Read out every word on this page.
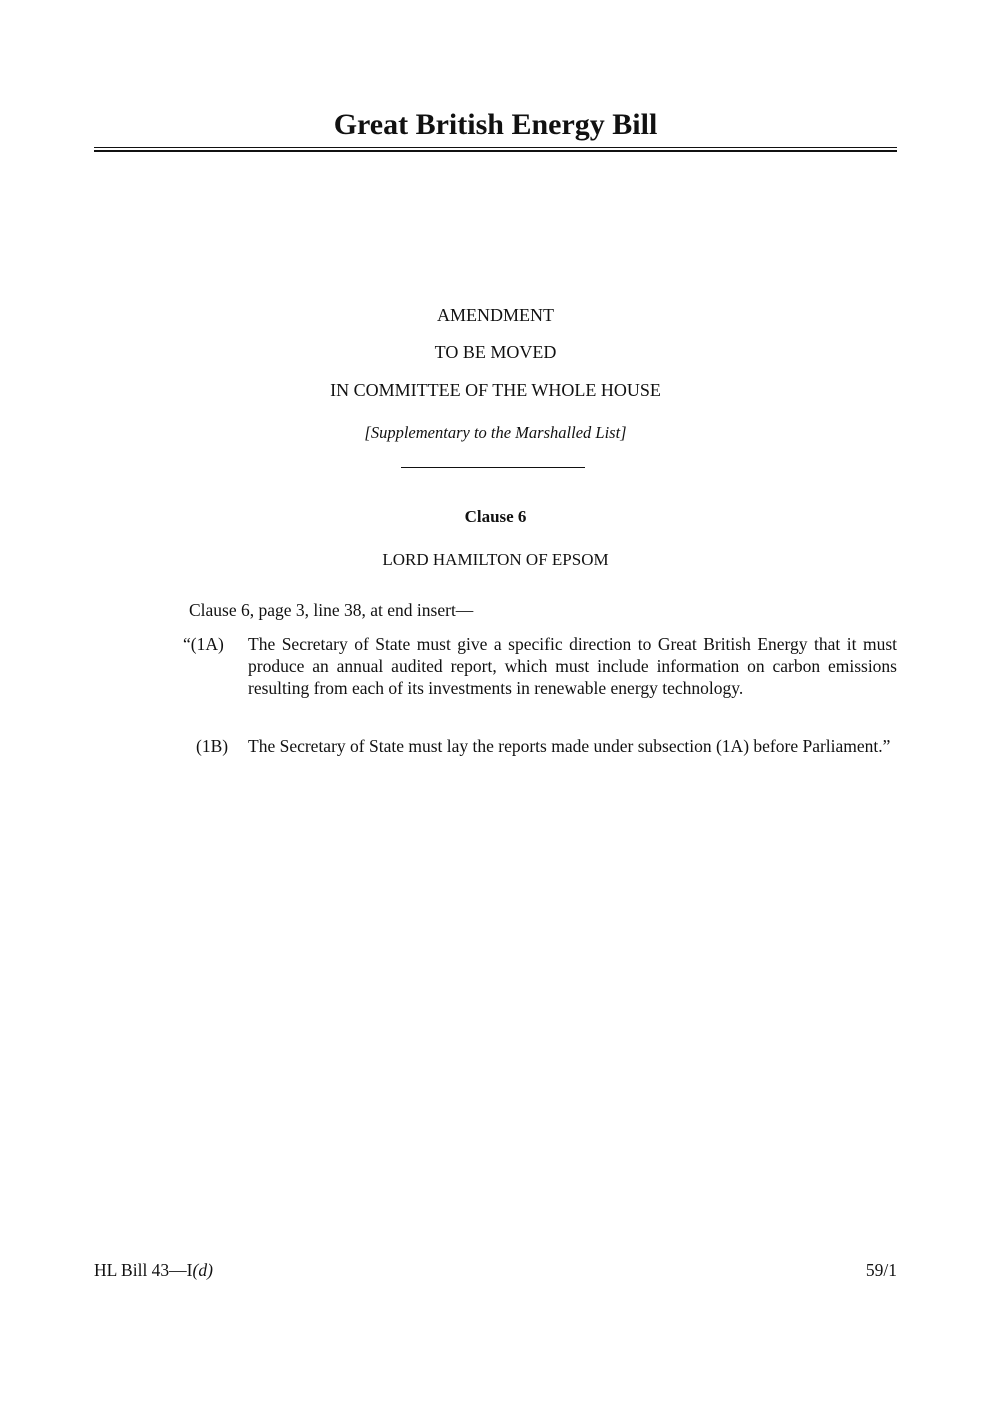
Great British Energy Bill
AMENDMENT
TO BE MOVED
IN COMMITTEE OF THE WHOLE HOUSE
[Supplementary to the Marshalled List]
Clause 6
LORD HAMILTON OF EPSOM
Clause 6, page 3, line 38, at end insert—
“(1A) The Secretary of State must give a specific direction to Great British Energy that it must produce an annual audited report, which must include information on carbon emissions resulting from each of its investments in renewable energy technology.
(1B) The Secretary of State must lay the reports made under subsection (1A) before Parliament.”
HL Bill 43—I(d)	59/1
